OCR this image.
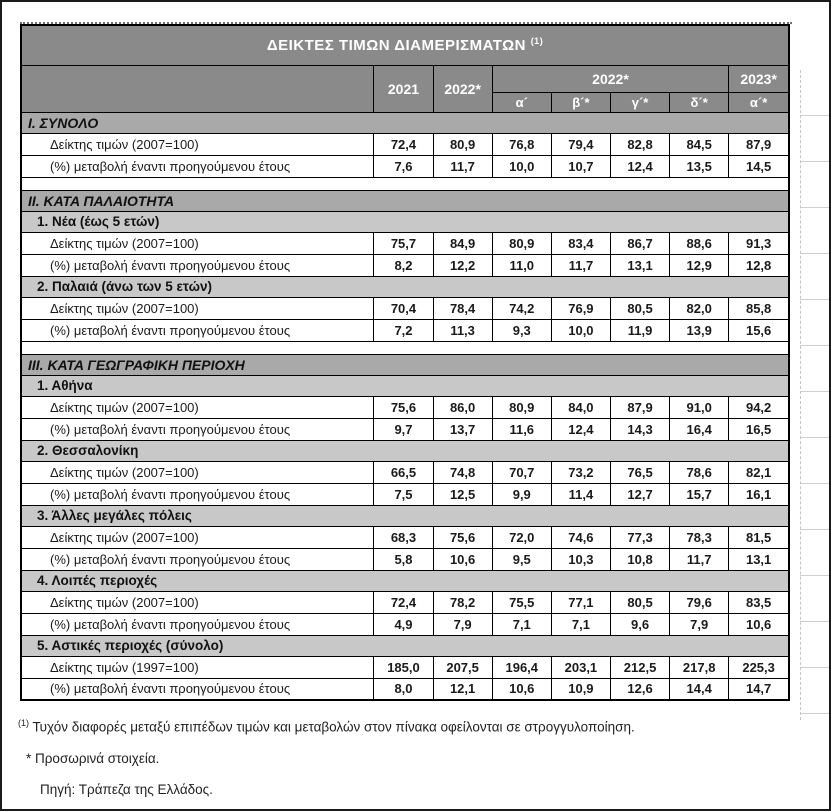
ΔΕΙΚΤΕΣ ΤΙΜΩΝ ΔΙΑΜΕΡΙΣΜΑΤΩΝ $^{(1)}$
	2021	2022*	2022*				2023*
			α´	β´*	γ´*	δ´*	α´*
I. ΣΥΝΟΛΟ							
Δείκτης τιμών (2007=100)	72,4	80,9	76,8	79,4	82,8	84,5	87,9
(%) μεταβολή έναντι προηγούμενου έτους	7,6	11,7	10,0	10,7	12,4	13,5	14,5

II. ΚΑΤΑ ΠΑΛΑΙΟΤΗΤΑ							
1. Νέα (έως 5 ετών)							
Δείκτης τιμών (2007=100)	75,7	84,9	80,9	83,4	86,7	88,6	91,3
(%) μεταβολή έναντι προηγούμενου έτους	8,2	12,2	11,0	11,7	13,1	12,9	12,8
2. Παλαιά (άνω των 5 ετών)							
Δείκτης τιμών (2007=100)	70,4	78,4	74,2	76,9	80,5	82,0	85,8
(%) μεταβολή έναντι προηγούμενου έτους	7,2	11,3	9,3	10,0	11,9	13,9	15,6

III. ΚΑΤΑ ΓΕΩΓΡΑΦΙΚΗ ΠΕΡΙΟΧΗ							
1. Αθήνα							
Δείκτης τιμών (2007=100)	75,6	86,0	80,9	84,0	87,9	91,0	94,2
(%) μεταβολή έναντι προηγούμενου έτους	9,7	13,7	11,6	12,4	14,3	16,4	16,5
2. Θεσσαλονίκη							
Δείκτης τιμών (2007=100)	66,5	74,8	70,7	73,2	76,5	78,6	82,1
(%) μεταβολή έναντι προηγούμενου έτους	7,5	12,5	9,9	11,4	12,7	15,7	16,1
3. Άλλες μεγάλες πόλεις							
Δείκτης τιμών (2007=100)	68,3	75,6	72,0	74,6	77,3	78,3	81,5
(%) μεταβολή έναντι προηγούμενου έτους	5,8	10,6	9,5	10,3	10,8	11,7	13,1
4. Λοιπές περιοχές							
Δείκτης τιμών (2007=100)	72,4	78,2	75,5	77,1	80,5	79,6	83,5
(%) μεταβολή έναντι προηγούμενου έτους	4,9	7,9	7,1	7,1	9,6	7,9	10,6
5. Αστικές περιοχές (σύνολο)							
Δείκτης τιμών (1997=100)	185,0	207,5	196,4	203,1	212,5	217,8	225,3
(%) μεταβολή έναντι προηγούμενου έτους	8,0	12,1	10,6	10,9	12,6	14,4	14,7

$^{(1)}$ Τυχόν διαφορές μεταξύ επιπέδων τιμών και μεταβολών στον πίνακα οφείλονται σε στρογγυλοποίηση.

* Προσωρινά στοιχεία.

Πηγή: Τράπεζα της Ελλάδος.
